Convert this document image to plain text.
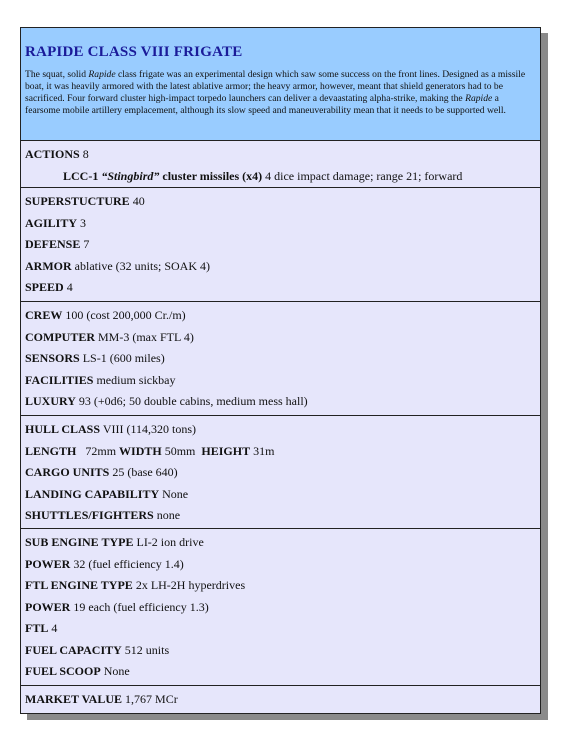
RAPIDE CLASS VIII FRIGATE

The squat, solid Rapide class frigate was an experimental design which saw some success on the front lines. Designed as a missile boat, it was heavily armored with the latest ablative armor; the heavy armor, however, meant that shield generators had to be sacrificed. Four forward cluster high-impact torpedo launchers can deliver a devaastating alpha-strike, making the Rapide a fearsome mobile artillery emplacement, although its slow speed and maneuverability mean that it needs to be supported well.

ACTIONS 8
LCC-1 “Stingbird” cluster missiles (x4) 4 dice impact damage; range 21; forward
SUPERSTUCTURE 40
AGILITY 3
DEFENSE 7
ARMOR ablative (32 units; SOAK 4)
SPEED 4
CREW 100 (cost 200,000 Cr./m)
COMPUTER MM-3 (max FTL 4)
SENSORS LS-1 (600 miles)
FACILITIES medium sickbay
LUXURY 93 (+0d6; 50 double cabins, medium mess hall)
HULL CLASS VIII (114,320 tons)
LENGTH 72mm WIDTH 50mm HEIGHT 31m
CARGO UNITS 25 (base 640)
LANDING CAPABILITY None
SHUTTLES/FIGHTERS none
SUB ENGINE TYPE LI-2 ion drive
POWER 32 (fuel efficiency 1.4)
FTL ENGINE TYPE 2x LH-2H hyperdrives
POWER 19 each (fuel efficiency 1.3)
FTL 4
FUEL CAPACITY 512 units
FUEL SCOOP None
MARKET VALUE 1,767 MCr
